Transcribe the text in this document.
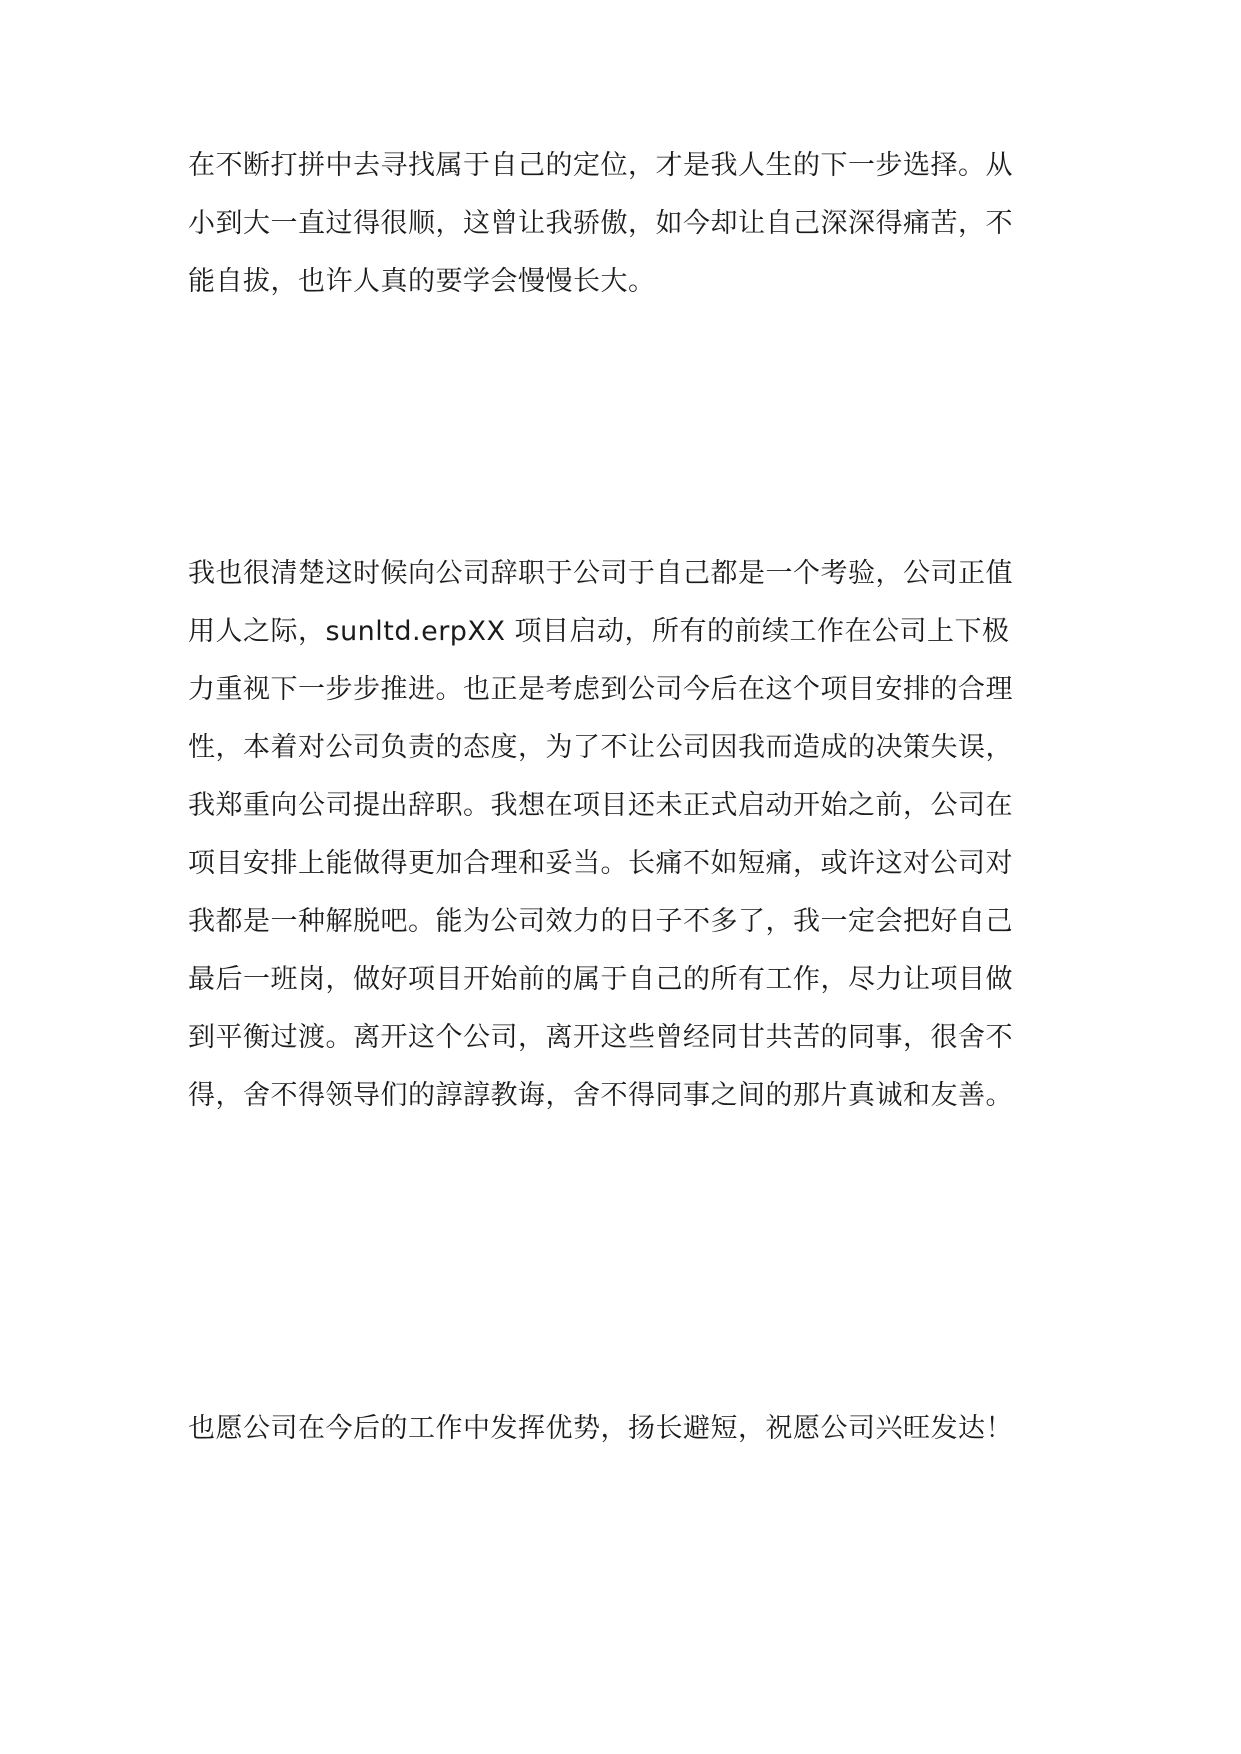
在不断打拼中去寻找属于自己的定位，才是我人生的下一步选择。从
小到大一直过得很顺，这曾让我骄傲，如今却让自己深深得痛苦，不
能自拔，也许人真的要学会慢慢长大。
我也很清楚这时候向公司辞职于公司于自己都是一个考验，公司正值
用人之际，sunltd.erpXX 项目启动，所有的前续工作在公司上下极
力重视下一步步推进。也正是考虑到公司今后在这个项目安排的合理
性，本着对公司负责的态度，为了不让公司因我而造成的决策失误，
我郑重向公司提出辞职。我想在项目还未正式启动开始之前，公司在
项目安排上能做得更加合理和妥当。长痛不如短痛，或许这对公司对
我都是一种解脱吧。能为公司效力的日子不多了，我一定会把好自己
最后一班岗，做好项目开始前的属于自己的所有工作，尽力让项目做
到平衡过渡。离开这个公司，离开这些曾经同甘共苦的同事，很舍不
得，舍不得领导们的諄諄教诲，舍不得同事之间的那片真诚和友善。
也愿公司在今后的工作中发挥优势，扬长避短，祝愿公司兴旺发达！
